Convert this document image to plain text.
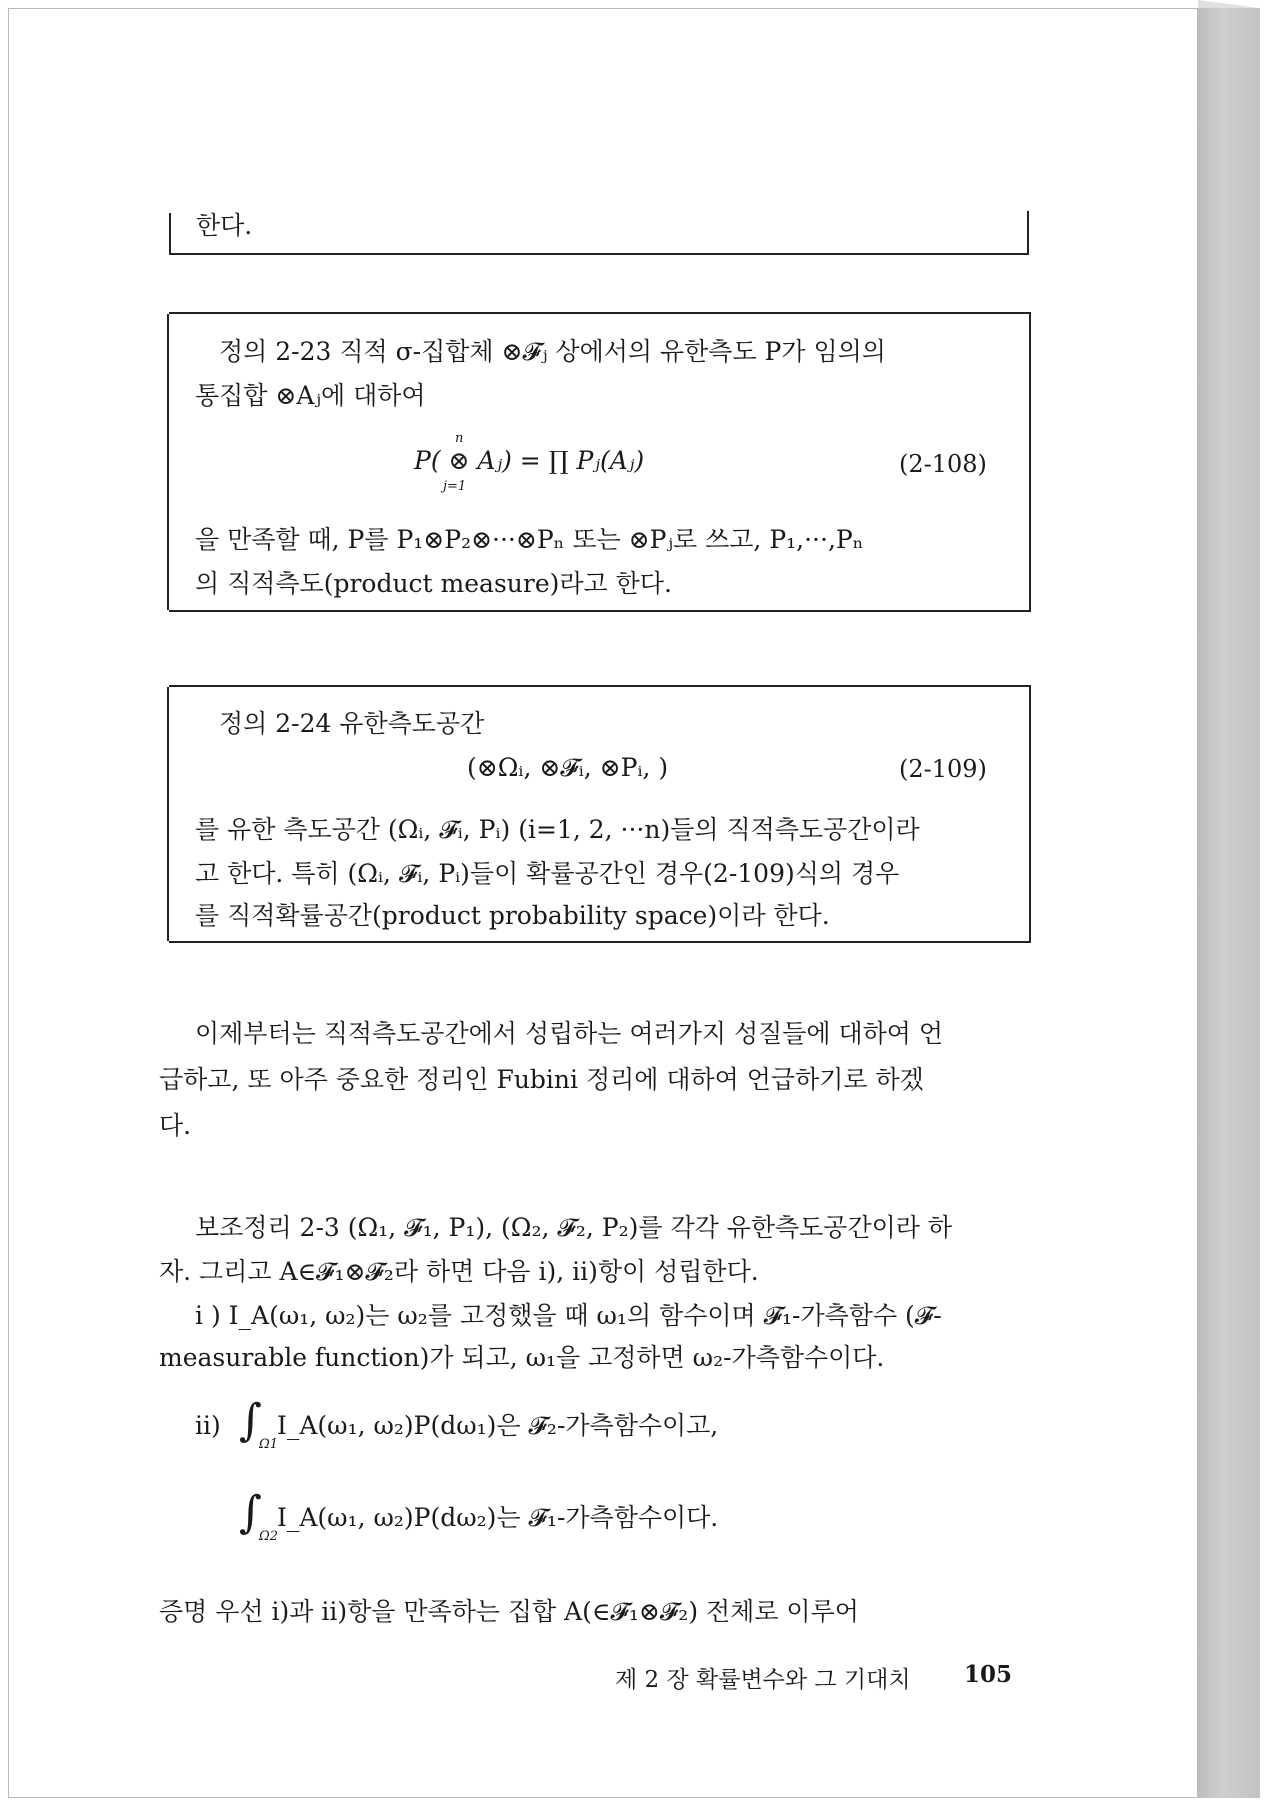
한다.
정의 2-23 직적 σ-집합체 ⊗𝓕ⱼ 상에서의 유한측도 P가 임의의
통집합 ⊗Aⱼ에 대하여
P( ⊗ Aⱼ) = ∏ Pⱼ(Aⱼ)
n
j=1
(2-108)
을 만족할 때, P를 P₁⊗P₂⊗···⊗Pₙ 또는 ⊗Pⱼ로 쓰고, P₁,···,Pₙ
의 직적측도(product measure)라고 한다.
정의 2-24 유한측도공간
(⊗Ωᵢ, ⊗𝓕ᵢ, ⊗Pᵢ, )	(2-109)
를 유한 측도공간 (Ωᵢ, 𝓕ᵢ, Pᵢ) (i=1, 2, ···n)들의 직적측도공간이라
고 한다. 특히 (Ωᵢ, 𝓕ᵢ, Pᵢ)들이 확률공간인 경우(2-109)식의 경우
를 직적확률공간(product probability space)이라 한다.
이제부터는 직적측도공간에서 성립하는 여러가지 성질들에 대하여 언
급하고, 또 아주 중요한 정리인 Fubini 정리에 대하여 언급하기로 하겠
다.
보조정리 2-3 (Ω₁, 𝓕₁, P₁), (Ω₂, 𝓕₂, P₂)를 각각 유한측도공간이라 하
자. 그리고 A∈𝓕₁⊗𝓕₂라 하면 다음 i), ii)항이 성립한다.
i ) I_A(ω₁, ω₂)는 ω₂를 고정했을 때 ω₁의 함수이며 𝓕₁-가측함수 (𝓕-
measurable function)가 되고, ω₁을 고정하면 ω₂-가측함수이다.
ii) ∫
Ω1
I_A(ω₁, ω₂)P(dω₁)은 𝓕₂-가측함수이고,
∫
Ω2
I_A(ω₁, ω₂)P(dω₂)는 𝓕₁-가측함수이다.
증명 우선 i)과 ii)항을 만족하는 집합 A(∈𝓕₁⊗𝓕₂) 전체로 이루어
제 2 장 확률변수와 그 기대치 105
